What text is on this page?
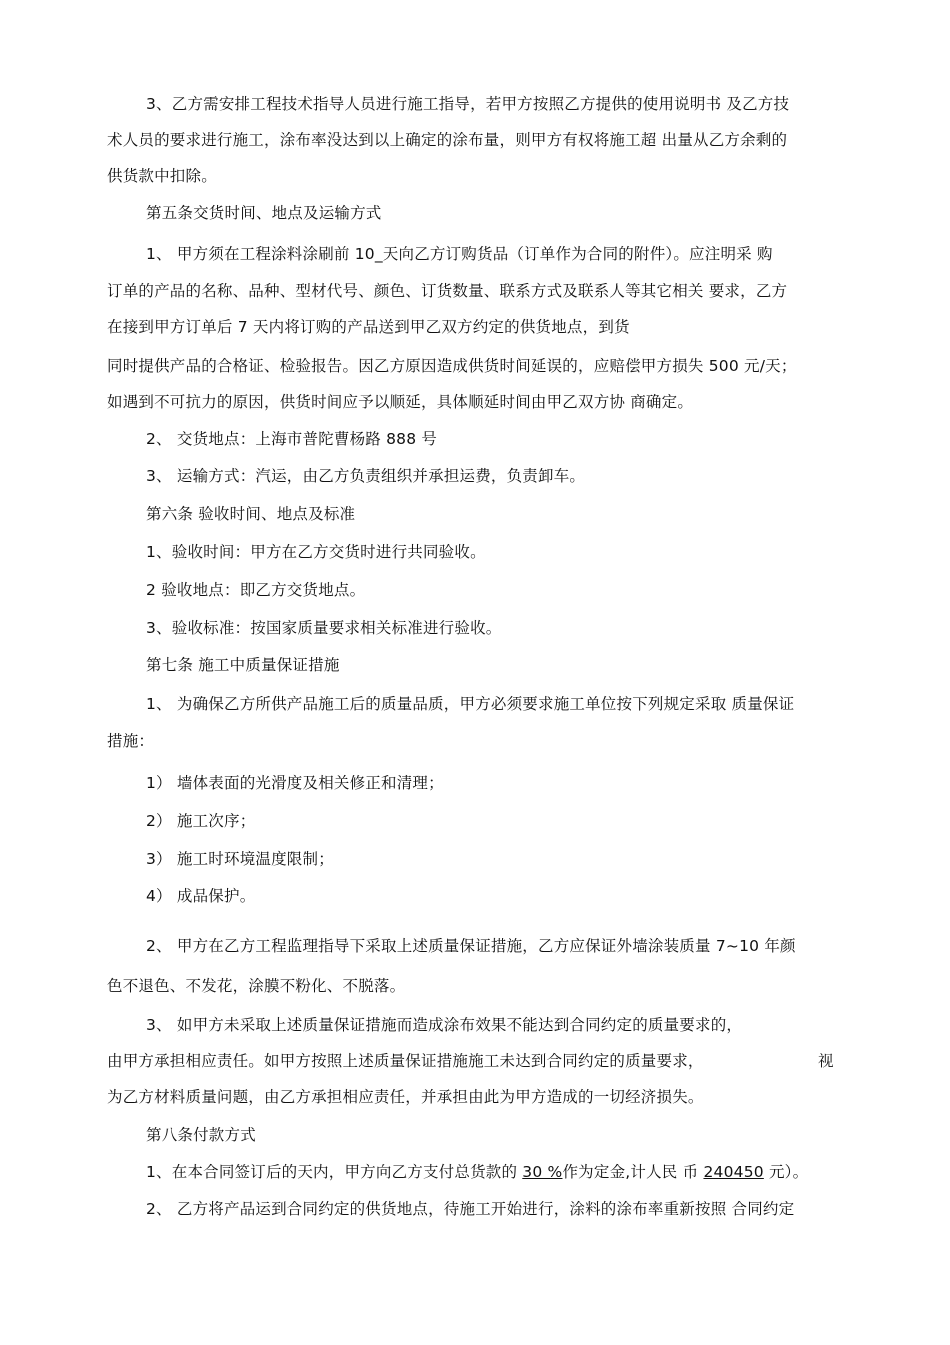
3、乙方需安排工程技术指导人员进行施工指导，若甲方按照乙方提供的使用说明书 及乙方技
术人员的要求进行施工，涂布率没达到以上确定的涂布量，则甲方有权将施工超 出量从乙方余剩的
供货款中扣除。
第五条交货时间、地点及运输方式
1、 甲方须在工程涂料涂刷前 10_天向乙方订购货品（订单作为合同的附件）。应注明采 购
订单的产品的名称、品种、型材代号、颜色、订货数量、联系方式及联系人等其它相关 要求，乙方
在接到甲方订单后 7 天内将订购的产品送到甲乙双方约定的供货地点，到货
同时提供产品的合格证、检验报告。因乙方原因造成供货时间延误的，应赔偿甲方损失 500 元/天；
如遇到不可抗力的原因，供货时间应予以顺延，具体顺延时间由甲乙双方协 商确定。
2、 交货地点：上海市普陀曹杨路 888 号
3、 运输方式：汽运，由乙方负责组织并承担运费，负责卸车。
第六条 验收时间、地点及标准
1、验收时间：甲方在乙方交货时进行共同验收。
2 验收地点：即乙方交货地点。
3、验收标准：按国家质量要求相关标准进行验收。
第七条 施工中质量保证措施
1、 为确保乙方所供产品施工后的质量品质，甲方必须要求施工单位按下列规定采取 质量保证
措施：
1） 墙体表面的光滑度及相关修正和清理；
2） 施工次序；
3） 施工时环境温度限制；
4） 成品保护。
2、 甲方在乙方工程监理指导下采取上述质量保证措施，乙方应保证外墙涂装质量 7~10 年颜
色不退色、不发花，涂膜不粉化、不脱落。
3、 如甲方未采取上述质量保证措施而造成涂布效果不能达到合同约定的质量要求的，
由甲方承担相应责任。如甲方按照上述质量保证措施施工未达到合同约定的质量要求，	视
为乙方材料质量问题，由乙方承担相应责任，并承担由此为甲方造成的一切经济损失。
第八条付款方式
1、在本合同签订后的天内，甲方向乙方支付总货款的 30 %作为定金,计人民 币 240450 元）。
2、 乙方将产品运到合同约定的供货地点，待施工开始进行，涂料的涂布率重新按照 合同约定
